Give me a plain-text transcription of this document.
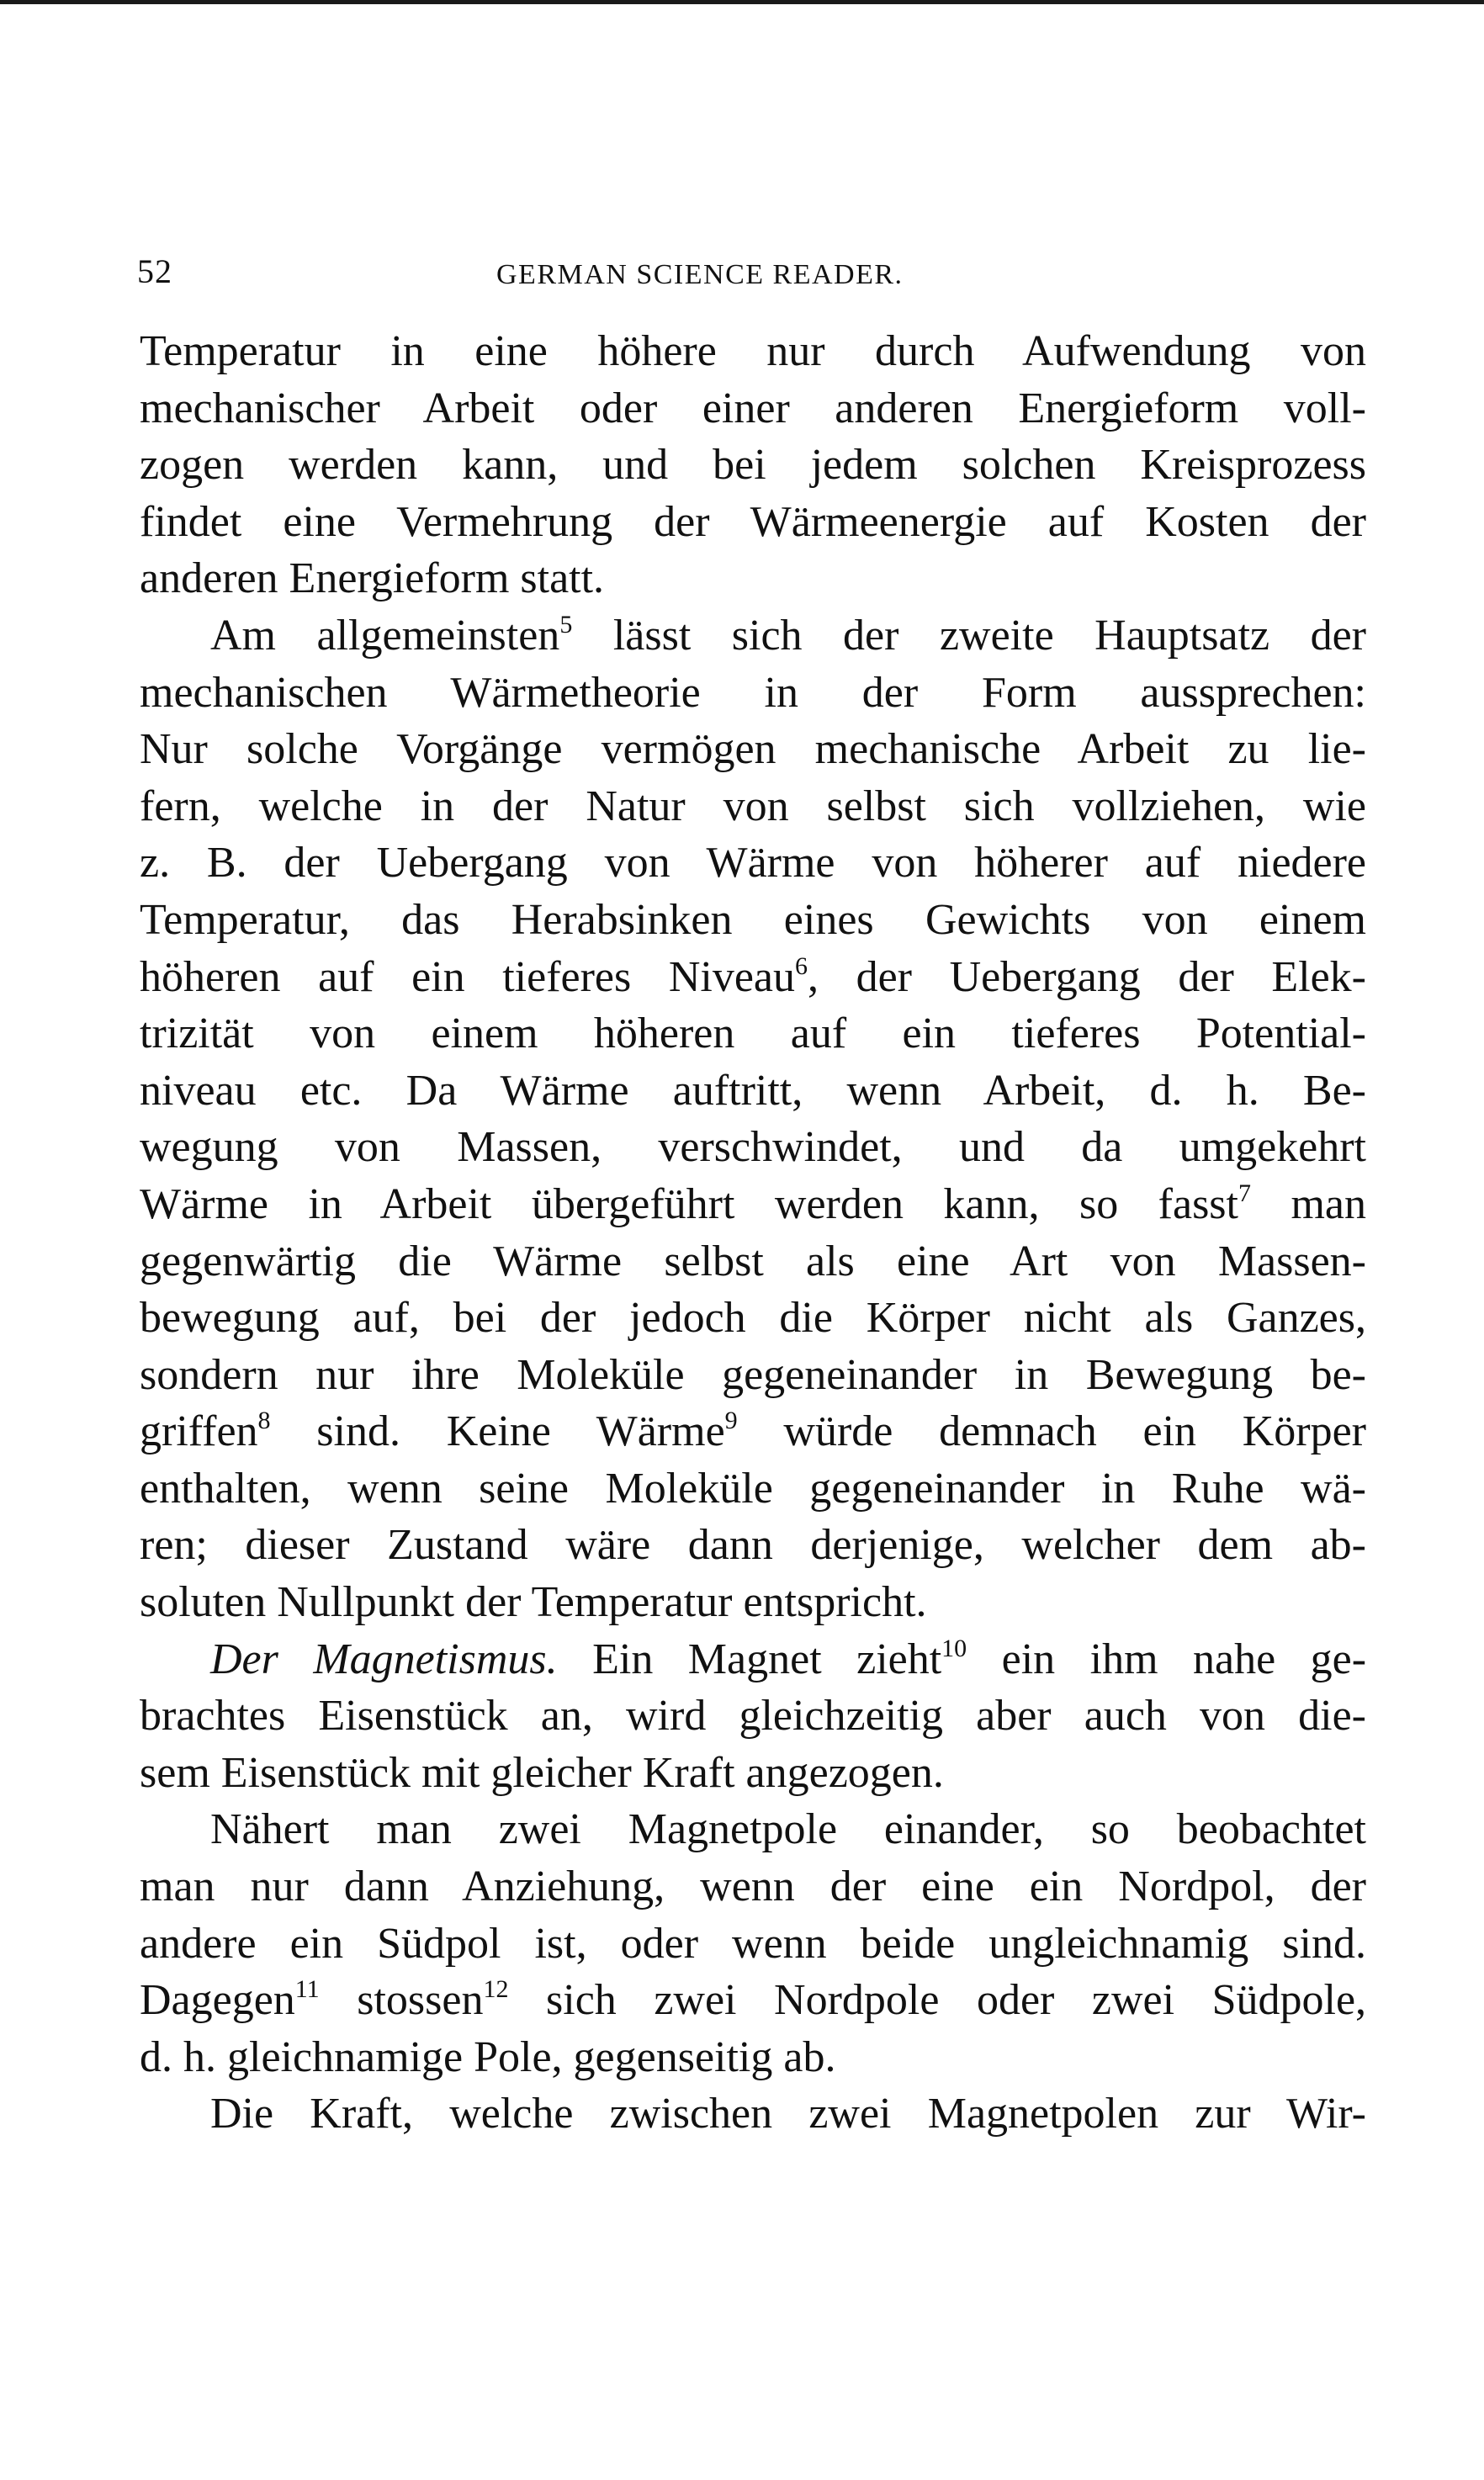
52	GERMAN SCIENCE READER.
Temperatur in eine höhere nur durch Aufwendung von
mechanischer Arbeit oder einer anderen Energieform voll-
zogen werden kann, und bei jedem solchen Kreisprozess
findet eine Vermehrung der Wärmeenergie auf Kosten der
anderen Energieform statt.
Am allgemeinsten$^5$ lässt sich der zweite Hauptsatz der
mechanischen Wärmetheorie in der Form aussprechen:
Nur solche Vorgänge vermögen mechanische Arbeit zu lie-
fern, welche in der Natur von selbst sich vollziehen, wie
z. B. der Uebergang von Wärme von höherer auf niedere
Temperatur, das Herabsinken eines Gewichts von einem
höheren auf ein tieferes Niveau$^6$, der Uebergang der Elek-
trizität von einem höheren auf ein tieferes Potential-
niveau etc. Da Wärme auftritt, wenn Arbeit, d. h. Be-
wegung von Massen, verschwindet, und da umgekehrt
Wärme in Arbeit übergeführt werden kann, so fasst$^7$ man
gegenwärtig die Wärme selbst als eine Art von Massen-
bewegung auf, bei der jedoch die Körper nicht als Ganzes,
sondern nur ihre Moleküle gegeneinander in Bewegung be-
griffen$^8$ sind. Keine Wärme$^9$ würde demnach ein Körper
enthalten, wenn seine Moleküle gegeneinander in Ruhe wä-
ren; dieser Zustand wäre dann derjenige, welcher dem ab-
soluten Nullpunkt der Temperatur entspricht.
Der Magnetismus. Ein Magnet zieht$^{10}$ ein ihm nahe ge-
brachtes Eisenstück an, wird gleichzeitig aber auch von die-
sem Eisenstück mit gleicher Kraft angezogen.
Nähert man zwei Magnetpole einander, so beobachtet
man nur dann Anziehung, wenn der eine ein Nordpol, der
andere ein Südpol ist, oder wenn beide ungleichnamig sind.
Dagegen$^{11}$ stossen$^{12}$ sich zwei Nordpole oder zwei Südpole,
d. h. gleichnamige Pole, gegenseitig ab.
Die Kraft, welche zwischen zwei Magnetpolen zur Wir-
